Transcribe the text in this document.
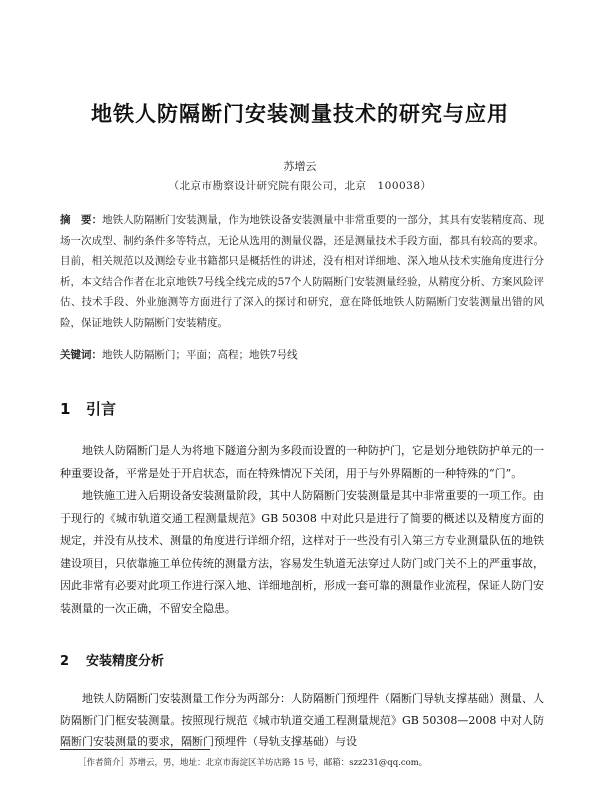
地铁人防隔断门安装测量技术的研究与应用
苏增云
（北京市勘察设计研究院有限公司，北京　100038）
摘　要：地铁人防隔断门安装测量，作为地铁设备安装测量中非常重要的一部分，其具有安装精度高、现场一次成型、制约条件多等特点，无论从选用的测量仪器，还是测量技术手段方面，都具有较高的要求。目前，相关规范以及测绘专业书籍都只是概括性的讲述，没有相对详细地、深入地从技术实施角度进行分析，本文结合作者在北京地铁7号线全线完成的57个人防隔断门安装测量经验，从精度分析、方案风险评估、技术手段、外业施测等方面进行了深入的探讨和研究，意在降低地铁人防隔断门安装测量出错的风险，保证地铁人防隔断门安装精度。
关键词：地铁人防隔断门；平面；高程；地铁7号线
1 引言

地铁人防隔断门是人为将地下隧道分割为多段而设置的一种防护门，它是划分地铁防护单元的一种重要设备，平常是处于开启状态，而在特殊情况下关闭，用于与外界隔断的一种特殊的“门”。

地铁施工进入后期设备安装测量阶段，其中人防隔断门安装测量是其中非常重要的一项工作。由于现行的《城市轨道交通工程测量规范》GB 50308 中对此只是进行了简要的概述以及精度方面的规定，并没有从技术、测量的角度进行详细介绍，这样对于一些没有引入第三方专业测量队伍的地铁建设项目，只依靠施工单位传统的测量方法，容易发生轨道无法穿过人防门或门关不上的严重事故，因此非常有必要对此项工作进行深入地、详细地剖析，形成一套可靠的测量作业流程，保证人防门安装测量的一次正确，不留安全隐患。

2 安装精度分析

地铁人防隔断门安装测量工作分为两部分：人防隔断门预埋件（隔断门导轨支撑基础）测量、人防隔断门门框安装测量。按照现行规范《城市轨道交通工程测量规范》GB 50308—2008 中对人防隔断门安装测量的要求，隔断门预埋件（导轨支撑基础）与设

［作者简介］苏增云，男，地址：北京市海淀区羊坊店路 15 号，邮箱：szz231@qq.com。
